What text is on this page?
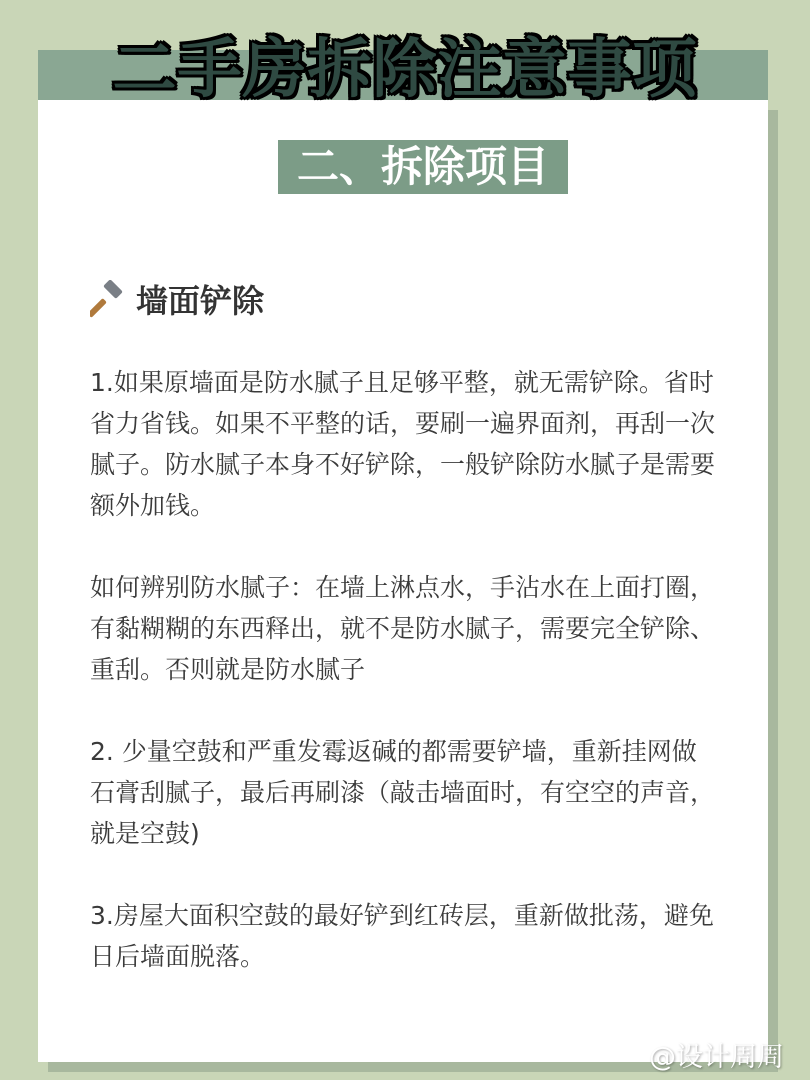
二手房拆除注意事项
二、拆除项目
墙面铲除

1.如果原墙面是防水腻子且足够平整，就无需铲除。省时省力省钱。如果不平整的话，要刷一遍界面剂，再刮一次腻子。防水腻子本身不好铲除，一般铲除防水腻子是需要额外加钱。

如何辨别防水腻子：在墙上淋点水，手沾水在上面打圈，有黏糊糊的东西释出，就不是防水腻子，需要完全铲除、重刮。否则就是防水腻子

2. 少量空鼓和严重发霉返碱的都需要铲墙，重新挂网做石膏刮腻子，最后再刷漆（敲击墙面时，有空空的声音，就是空鼓)

3.房屋大面积空鼓的最好铲到红砖层，重新做批荡，避免日后墙面脱落。

@设计周周
